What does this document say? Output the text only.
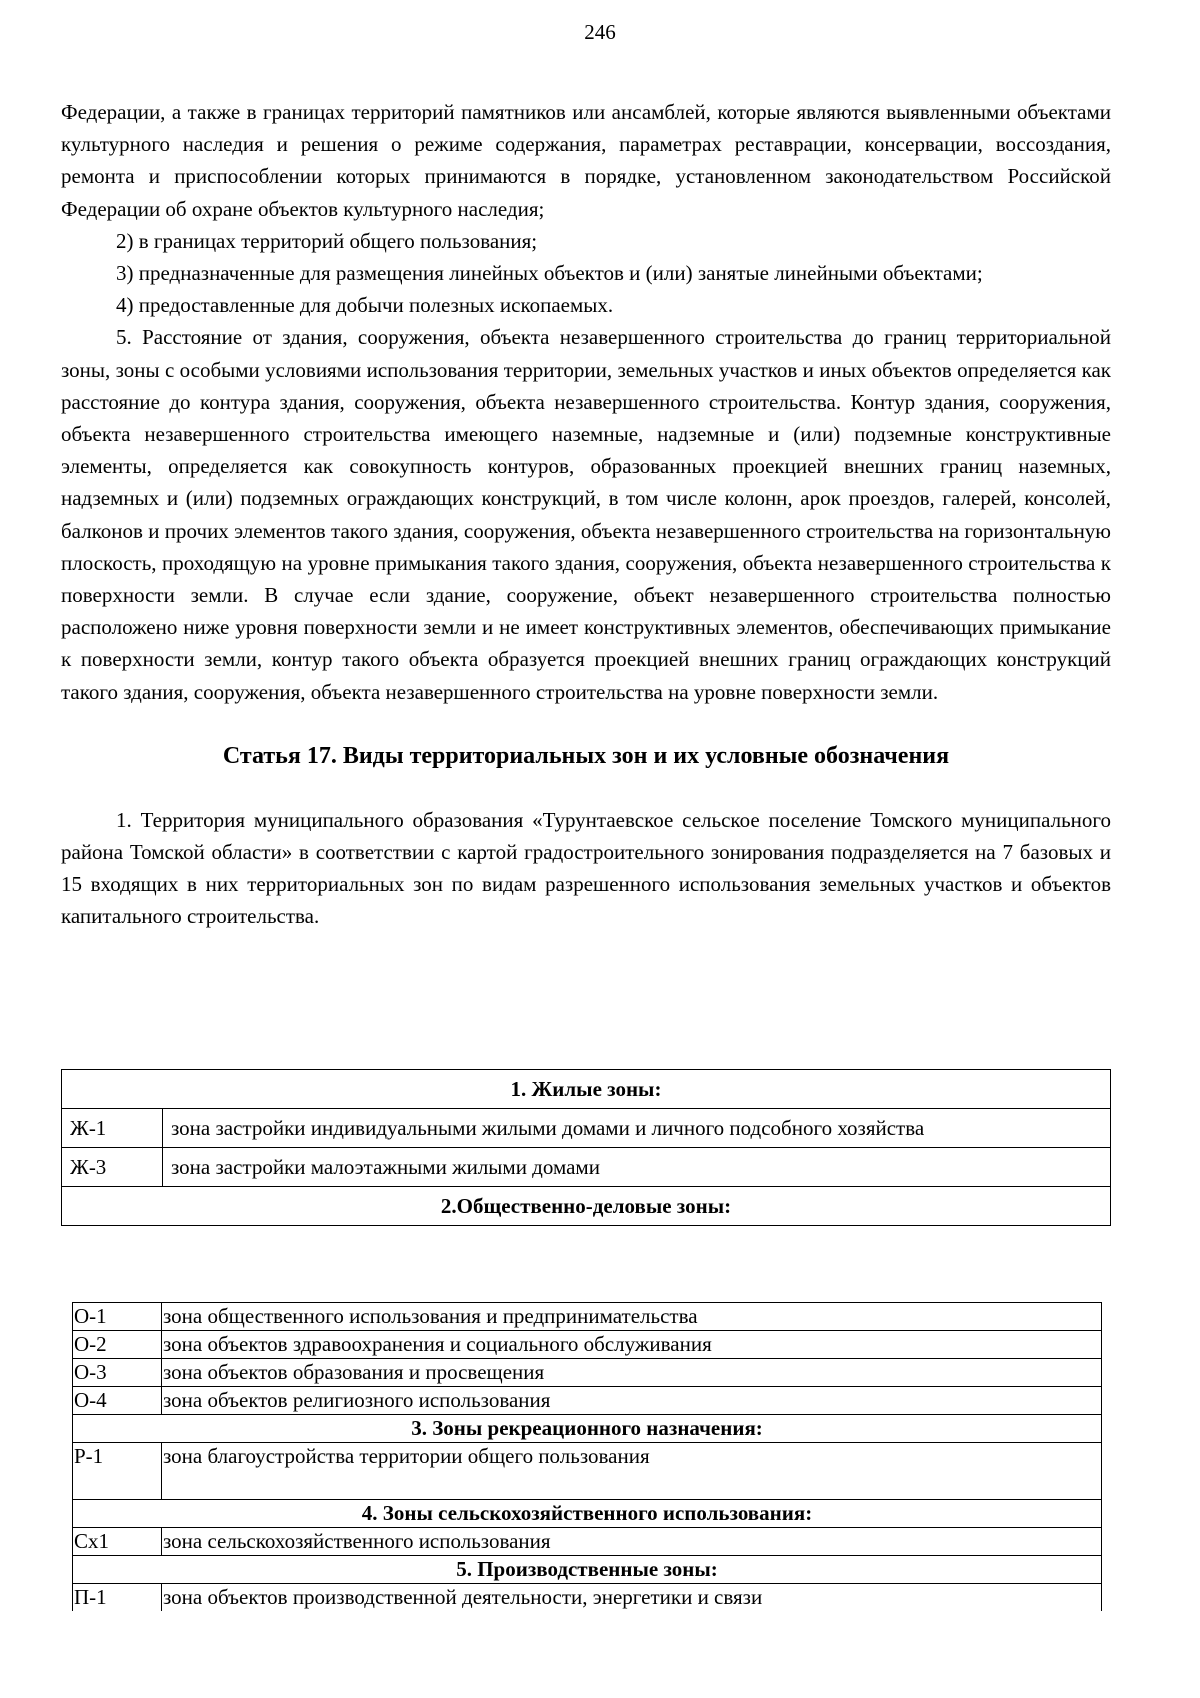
246

Федерации, а также в границах территорий памятников или ансамблей, которые являются выявленными объектами культурного наследия и решения о режиме содержания, параметрах реставрации, консервации, воссоздания, ремонта и приспособлении которых принимаются в порядке, установленном законодательством Российской Федерации об охране объектов культурного наследия;

2) в границах территорий общего пользования;

3) предназначенные для размещения линейных объектов и (или) занятые линейными объектами;

4) предоставленные для добычи полезных ископаемых.

5. Расстояние от здания, сооружения, объекта незавершенного строительства до границ территориальной зоны, зоны с особыми условиями использования территории, земельных участков и иных объектов определяется как расстояние до контура здания, сооружения, объекта незавершенного строительства. Контур здания, сооружения, объекта незавершенного строительства имеющего наземные, надземные и (или) подземные конструктивные элементы, определяется как совокупность контуров, образованных проекцией внешних границ наземных, надземных и (или) подземных ограждающих конструкций, в том числе колонн, арок проездов, галерей, консолей, балконов и прочих элементов такого здания, сооружения, объекта незавершенного строительства на горизонтальную плоскость, проходящую на уровне примыкания такого здания, сооружения, объекта незавершенного строительства к поверхности земли. В случае если здание, сооружение, объект незавершенного строительства полностью расположено ниже уровня поверхности земли и не имеет конструктивных элементов, обеспечивающих примыкание к поверхности земли, контур такого объекта образуется проекцией внешних границ ограждающих конструкций такого здания, сооружения, объекта незавершенного строительства на уровне поверхности земли.

Статья 17. Виды территориальных зон и их условные обозначения

1. Территория муниципального образования «Турунтаевское сельское поселение Томского муниципального района Томской области» в соответствии с картой градостроительного зонирования подразделяется на 7 базовых и 15 входящих в них территориальных зон по видам разрешенного использования земельных участков и объектов капитального строительства.

1. Жилые зоны:	
Ж-1	зона застройки индивидуальными жилыми домами и личного подсобного хозяйства
Ж-3	зона застройки малоэтажными жилыми домами
2.Общественно-деловые зоны:	
О-1	зона общественного использования и предпринимательства
О-2	зона объектов здравоохранения и социального обслуживания
О-3	зона объектов образования и просвещения
О-4	зона объектов религиозного использования
3. Зоны рекреационного назначения:	
Р-1	зона благоустройства территории общего пользования
4. Зоны сельскохозяйственного использования:	
Сх1	зона сельскохозяйственного использования
5. Производственные зоны:	
П-1	зона объектов производственной деятельности, энергетики и связи
